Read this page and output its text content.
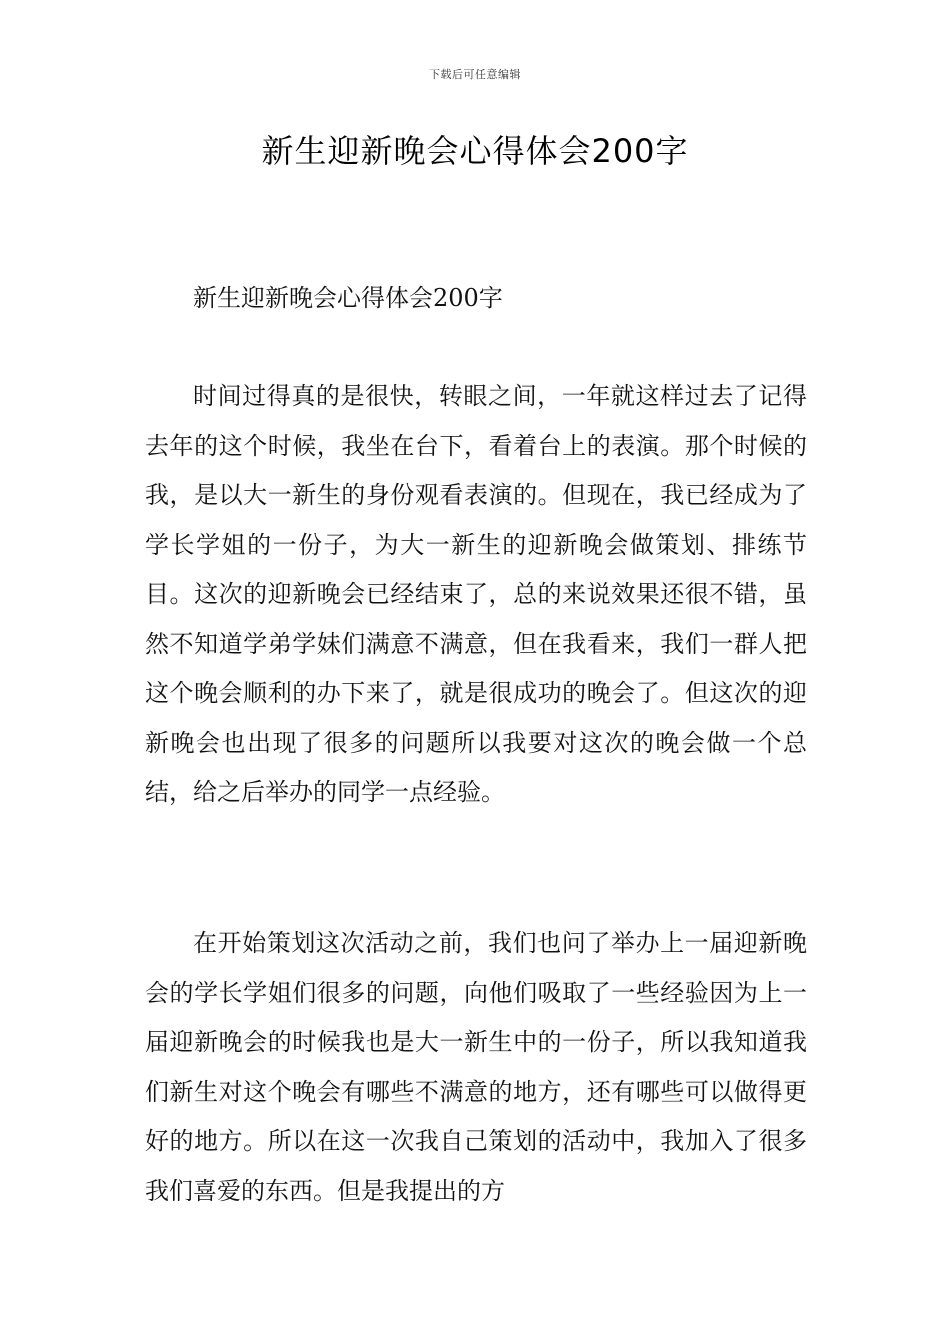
下载后可任意编辑
新生迎新晚会心得体会200字

新生迎新晚会心得体会200字

时间过得真的是很快，转眼之间，一年就这样过去了记得去年的这个时候，我坐在台下，看着台上的表演。那个时候的我，是以大一新生的身份观看表演的。但现在，我已经成为了学长学姐的一份子，为大一新生的迎新晚会做策划、排练节目。这次的迎新晚会已经结束了，总的来说效果还很不错，虽然不知道学弟学妹们满意不满意，但在我看来，我们一群人把这个晚会顺利的办下来了，就是很成功的晚会了。但这次的迎新晚会也出现了很多的问题所以我要对这次的晚会做一个总结，给之后举办的同学一点经验。

在开始策划这次活动之前，我们也问了举办上一届迎新晚会的学长学姐们很多的问题，向他们吸取了一些经验因为上一届迎新晚会的时候我也是大一新生中的一份子，所以我知道我们新生对这个晚会有哪些不满意的地方，还有哪些可以做得更好的地方。所以在这一次我自己策划的活动中，我加入了很多我们喜爱的东西。但是我提出的方
